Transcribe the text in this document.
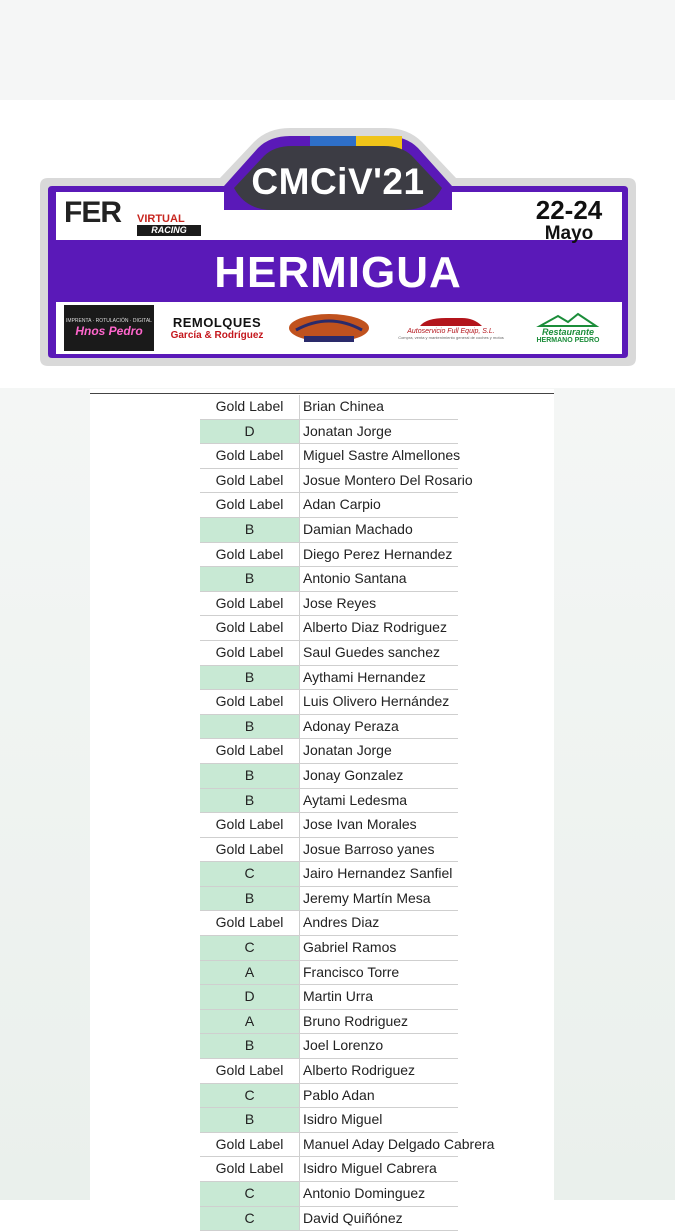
CMCiV'21
FER VIRTUAL
RACING
22-24
Mayo
HERMIGUA
IMPRENTA · ROTULACIÓN · DIGITAL
Hnos Pedro
REMOLQUES
García & Rodríguez	Autoservicio Full Equip, S.L.
Compra, venta y mantenimiento general de coches y motos
Restaurante
HERMANO PEDRO
Gold Label	Brian Chinea
D	Jonatan Jorge
Gold Label	Miguel Sastre Almellones
Gold Label	Josue Montero Del Rosario
Gold Label	Adan Carpio
B	Damian Machado
Gold Label	Diego Perez Hernandez
B	Antonio Santana
Gold Label	Jose Reyes
Gold Label	Alberto Diaz Rodriguez
Gold Label	Saul Guedes sanchez
B	Aythami Hernandez
Gold Label	Luis Olivero Hernández
B	Adonay Peraza
Gold Label	Jonatan Jorge
B	Jonay Gonzalez
B	Aytami Ledesma
Gold Label	Jose Ivan Morales
Gold Label	Josue Barroso yanes
C	Jairo Hernandez Sanfiel
B	Jeremy Martín Mesa
Gold Label	Andres Diaz
C	Gabriel Ramos
A	Francisco Torre
D	Martin Urra
A	Bruno Rodriguez
B	Joel Lorenzo
Gold Label	Alberto Rodriguez
C	Pablo Adan
B	Isidro Miguel
Gold Label	Manuel Aday Delgado Cabrera
Gold Label	Isidro Miguel Cabrera
C	Antonio Dominguez
C	David Quiñónez
